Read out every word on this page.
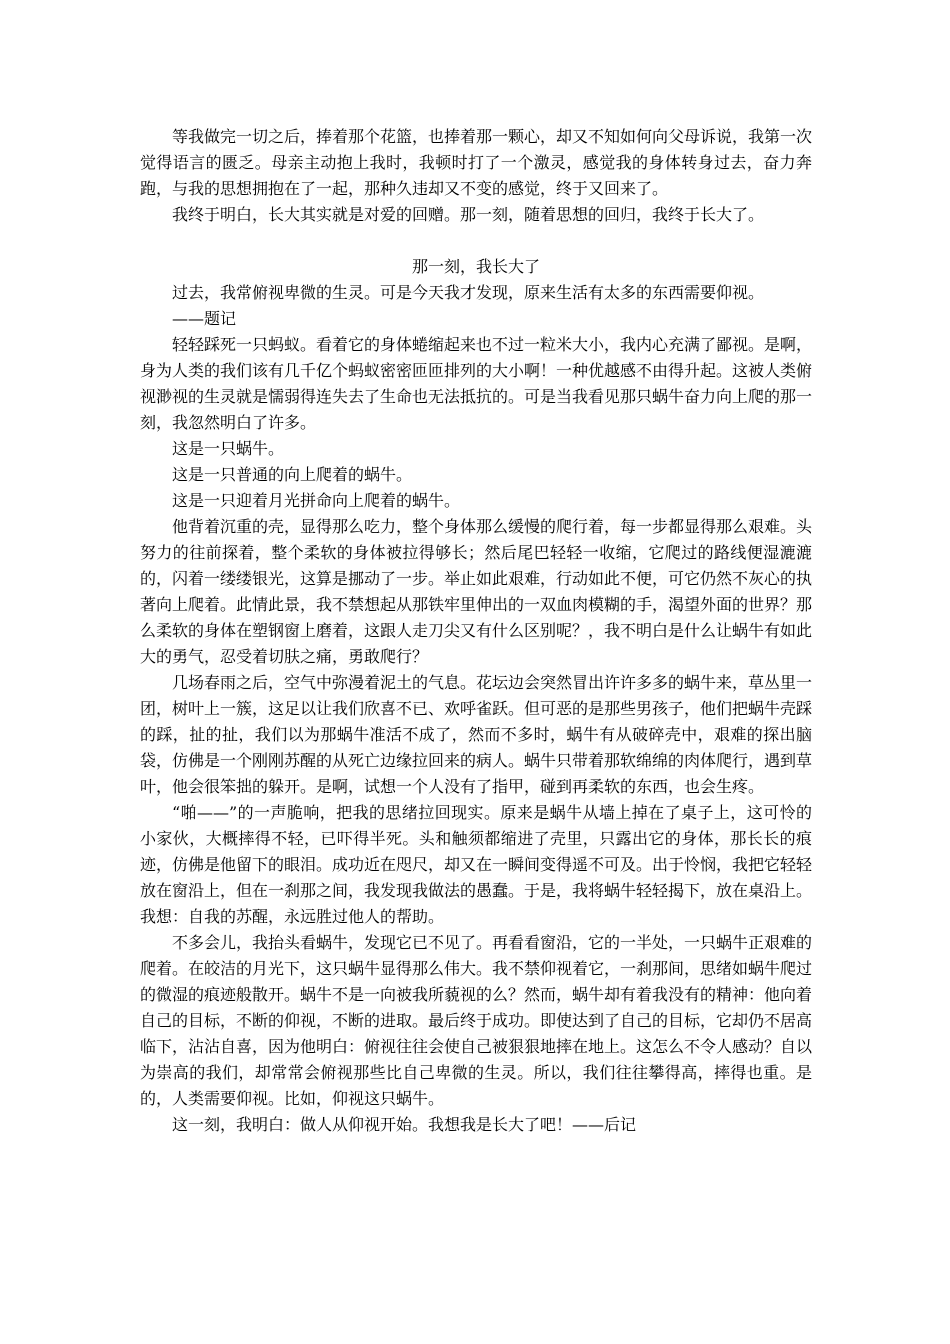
等我做完一切之后，捧着那个花篮，也捧着那一颗心，却又不知如何向父母诉说，我第一次觉得语言的匮乏。母亲主动抱上我时，我顿时打了一个激灵，感觉我的身体转身过去，奋力奔跑，与我的思想拥抱在了一起，那种久违却又不变的感觉，终于又回来了。

我终于明白，长大其实就是对爱的回赠。那一刻，随着思想的回归，我终于长大了。

那一刻，我长大了

过去，我常俯视卑微的生灵。可是今天我才发现，原来生活有太多的东西需要仰视。

——题记

轻轻踩死一只蚂蚁。看着它的身体蜷缩起来也不过一粒米大小，我内心充满了鄙视。是啊，身为人类的我们该有几千亿个蚂蚁密密匝匝排列的大小啊！一种优越感不由得升起。这被人类俯视渺视的生灵就是懦弱得连失去了生命也无法抵抗的。可是当我看见那只蜗牛奋力向上爬的那一刻，我忽然明白了许多。

这是一只蜗牛。

这是一只普通的向上爬着的蜗牛。

这是一只迎着月光拼命向上爬着的蜗牛。

他背着沉重的壳，显得那么吃力，整个身体那么缓慢的爬行着，每一步都显得那么艰难。头努力的往前探着，整个柔软的身体被拉得够长；然后尾巴轻轻一收缩，它爬过的路线便湿漉漉的，闪着一缕缕银光，这算是挪动了一步。举止如此艰难，行动如此不便，可它仍然不灰心的执著向上爬着。此情此景，我不禁想起从那铁牢里伸出的一双血肉模糊的手，渴望外面的世界？那么柔软的身体在塑钢窗上磨着，这跟人走刀尖又有什么区别呢？，我不明白是什么让蜗牛有如此大的勇气，忍受着切肤之痛，勇敢爬行？

几场春雨之后，空气中弥漫着泥土的气息。花坛边会突然冒出许许多多的蜗牛来，草丛里一团，树叶上一簇，这足以让我们欣喜不已、欢呼雀跃。但可恶的是那些男孩子，他们把蜗牛壳踩的踩，扯的扯，我们以为那蜗牛准活不成了，然而不多时，蜗牛有从破碎壳中，艰难的探出脑袋，仿佛是一个刚刚苏醒的从死亡边缘拉回来的病人。蜗牛只带着那软绵绵的肉体爬行，遇到草叶，他会很笨拙的躲开。是啊，试想一个人没有了指甲，碰到再柔软的东西，也会生疼。

“啪——”的一声脆响，把我的思绪拉回现实。原来是蜗牛从墙上掉在了桌子上，这可怜的小家伙，大概摔得不轻，已吓得半死。头和触须都缩进了壳里，只露出它的身体，那长长的痕迹，仿佛是他留下的眼泪。成功近在咫尺，却又在一瞬间变得遥不可及。出于怜悯，我把它轻轻放在窗沿上，但在一刹那之间，我发现我做法的愚蠢。于是，我将蜗牛轻轻揭下，放在桌沿上。我想：自我的苏醒，永远胜过他人的帮助。

不多会儿，我抬头看蜗牛，发现它已不见了。再看看窗沿，它的一半处，一只蜗牛正艰难的爬着。在皎洁的月光下，这只蜗牛显得那么伟大。我不禁仰视着它，一刹那间，思绪如蜗牛爬过的微湿的痕迹般散开。蜗牛不是一向被我所藐视的么？然而，蜗牛却有着我没有的精神：他向着自己的目标，不断的仰视，不断的进取。最后终于成功。即使达到了自己的目标，它却仍不居高临下，沾沾自喜，因为他明白：俯视往往会使自己被狠狠地摔在地上。这怎么不令人感动？自以为崇高的我们，却常常会俯视那些比自己卑微的生灵。所以，我们往往攀得高，摔得也重。是的，人类需要仰视。比如，仰视这只蜗牛。

这一刻，我明白：做人从仰视开始。我想我是长大了吧！——后记
